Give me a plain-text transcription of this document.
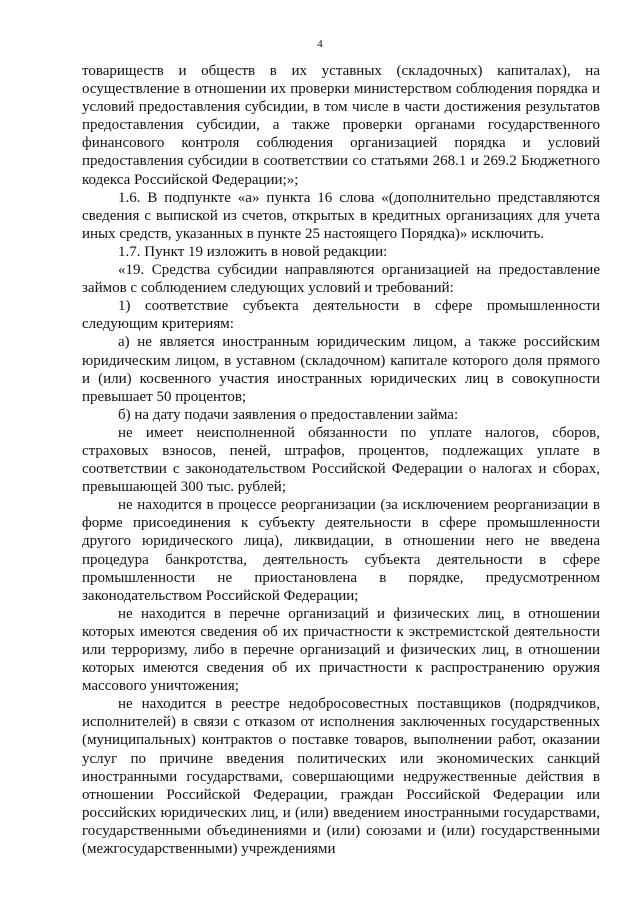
4

товариществ и обществ в их уставных (складочных) капиталах), на осуществление в отношении их проверки министерством соблюдения порядка и условий предоставления субсидии, в том числе в части достижения результатов предоставления субсидии, а также проверки органами государственного финансового контроля соблюдения организацией порядка и условий предоставления субсидии в соответствии со статьями 268.1 и 269.2 Бюджетного кодекса Российской Федерации;»;

1.6. В подпункте «а» пункта 16 слова «(дополнительно представляются сведения с выпиской из счетов, открытых в кредитных организациях для учета иных средств, указанных в пункте 25 настоящего Порядка)» исключить.

1.7. Пункт 19 изложить в новой редакции:

«19. Средства субсидии направляются организацией на предоставление займов с соблюдением следующих условий и требований:

1) соответствие субъекта деятельности в сфере промышленности следующим критериям:

а) не является иностранным юридическим лицом, а также российским юридическим лицом, в уставном (складочном) капитале которого доля прямого и (или) косвенного участия иностранных юридических лиц в совокупности превышает 50 процентов;

б) на дату подачи заявления о предоставлении займа:

не имеет неисполненной обязанности по уплате налогов, сборов, страховых взносов, пеней, штрафов, процентов, подлежащих уплате в соответствии с законодательством Российской Федерации о налогах и сборах, превышающей 300 тыс. рублей;

не находится в процессе реорганизации (за исключением реорганизации в форме присоединения к субъекту деятельности в сфере промышленности другого юридического лица), ликвидации, в отношении него не введена процедура банкротства, деятельность субъекта деятельности в сфере промышленности не приостановлена в порядке, предусмотренном законодательством Российской Федерации;

не находится в перечне организаций и физических лиц, в отношении которых имеются сведения об их причастности к экстремистской деятельности или терроризму, либо в перечне организаций и физических лиц, в отношении которых имеются сведения об их причастности к распространению оружия массового уничтожения;

не находится в реестре недобросовестных поставщиков (подрядчиков, исполнителей) в связи с отказом от исполнения заключенных государственных (муниципальных) контрактов о поставке товаров, выполнении работ, оказании услуг по причине введения политических или экономических санкций иностранными государствами, совершающими недружественные действия в отношении Российской Федерации, граждан Российской Федерации или российских юридических лиц, и (или) введением иностранными государствами, государственными объединениями и (или) союзами и (или) государственными (межгосударственными) учреждениями
